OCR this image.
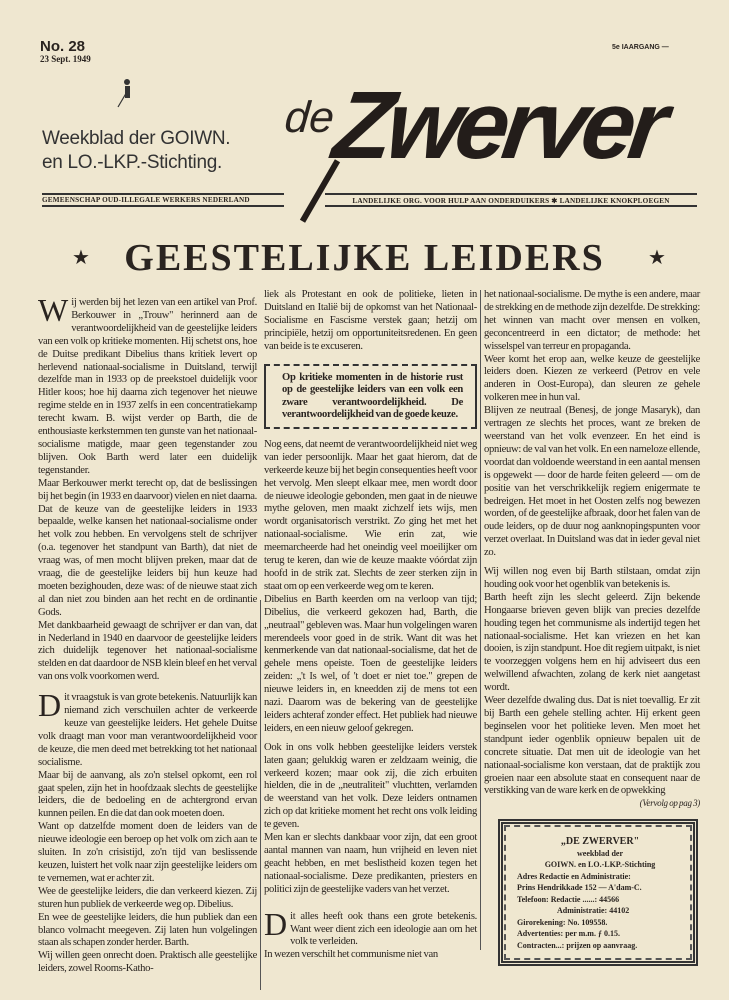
No. 28
23 Sept. 1949
5e IAARGANG —
Weekblad der GOIWN.
en LO.-LKP.-Stichting.
GEMEENSCHAP OUD-ILLEGALE WERKERS NEDERLAND	LANDELIJKE ORG. VOOR HULP AAN ONDERDUIKERS ✱ LANDELIJKE KNOKPLOEGEN
de
Zwerver
★	★
GEESTELIJKE LEIDERS

Wij werden bij het lezen van een artikel van Prof. Berkouwer in „Trouw" herinnerd aan de verantwoordelijkheid van de geestelijke leiders van een volk op kritieke momenten. Hij schetst ons, hoe de Duitse predikant Dibelius thans kritiek levert op herlevend nationaal-socialisme in Duitsland, terwijl dezelfde man in 1933 op de preekstoel duidelijk voor Hitler koos; hoe hij daarna zich tegenover het nieuwe regime stelde en in 1937 zelfs in een concentratiekamp terecht kwam. B. wijst verder op Barth, die de enthousiaste kerkstemmen ten gunste van het nationaal-socialisme matigde, maar geen tegenstander zou blijven. Ook Barth werd later een duidelijk tegenstander.

Maar Berkouwer merkt terecht op, dat de beslissingen bij het begin (in 1933 en daarvoor) vielen en niet daarna. Dat de keuze van de geestelijke leiders in 1933 bepaalde, welke kansen het nationaal-socialisme onder het volk zou hebben. En vervolgens stelt de schrijver (o.a. tegenover het standpunt van Barth), dat niet de vraag was, of men mocht blijven preken, maar dat de vraag, die de geestelijke leiders bij hun keuze had moeten bezighouden, deze was: of de nieuwe staat zich al dan niet zou binden aan het recht en de ordinantie Gods.

Met dankbaarheid gewaagt de schrijver er dan van, dat in Nederland in 1940 en daarvoor de geestelijke leiders zich duidelijk tegenover het nationaal-socialisme stelden en dat daardoor de NSB klein bleef en het verval van ons volk voorkomen werd.

Dit vraagstuk is van grote betekenis. Natuurlijk kan niemand zich verschuilen achter de verkeerde keuze van geestelijke leiders. Het gehele Duitse volk draagt man voor man verantwoordelijkheid voor de keuze, die men deed met betrekking tot het nationaal socialisme.

Maar bij de aanvang, als zo'n stelsel opkomt, een rol gaat spelen, zijn het in hoofdzaak slechts de geestelijke leiders, die de bedoeling en de achtergrond ervan kunnen peilen. En die dat dan ook moeten doen.

Want op datzelfde moment doen de leiders van de nieuwe ideologie een beroep op het volk om zich aan te sluiten. In zo'n crisistijd, zo'n tijd van beslissende keuzen, luistert het volk naar zijn geestelijke leiders om te vernemen, wat er achter zit.

Wee de geestelijke leiders, die dan verkeerd kiezen. Zij sturen hun publiek de verkeerde weg op. Dibelius.

En wee de geestelijke leiders, die hun publiek dan een blanco volmacht meegeven. Zij laten hun volgelingen staan als schapen zonder herder. Barth.

Wij willen geen onrecht doen. Praktisch alle geestelijke leiders, zowel Rooms-Katho-

liek als Protestant en ook de politieke, lieten in Duitsland en Italië bij de opkomst van het Nationaal-Socialisme en Fascisme verstek gaan; hetzij om principiële, hetzij om opportuniteitsredenen. En geen van beide is te excuseren.

Op kritieke momenten in de historie rust op de geestelijke leiders van een volk een zware verantwoordelijkheid. De verantwoordelijkheid van de goede keuze.

Nog eens, dat neemt de verantwoordelijkheid niet weg van ieder persoonlijk. Maar het gaat hierom, dat de verkeerde keuze bij het begin consequenties heeft voor het vervolg. Men sleept elkaar mee, men wordt door de nieuwe ideologie gebonden, men gaat in de nieuwe mythe geloven, men maakt zichzelf iets wijs, men wordt organisatorisch verstrikt. Zo ging het met het nationaal-socialisme. Wie erin zat, wie meemarcheerde had het oneindig veel moeilijker om terug te keren, dan wie de keuze maakte vóórdat zijn hoofd in de strik zat. Slechts de zeer sterken zijn in staat om op een verkeerde weg om te keren.

Dibelius en Barth keerden om na verloop van tijd; Dibelius, die verkeerd gekozen had, Barth, die „neutraal" gebleven was. Maar hun volgelingen waren merendeels voor goed in de strik. Want dit was het kenmerkende van dat nationaal-socialisme, dat het de gehele mens opeiste. Toen de geestelijke leiders zeiden: „'t Is wel, of 't doet er niet toe." grepen de nieuwe leiders in, en kneedden zij de mens tot een nazi. Daarom was de bekering van de geestelijke leiders achteraf zonder effect. Het publiek had nieuwe leiders, en een nieuw geloof gekregen.

Ook in ons volk hebben geestelijke leiders verstek laten gaan; gelukkig waren er zeldzaam weinig, die verkeerd kozen; maar ook zij, die zich erbuiten hielden, die in de „neutraliteit" vluchtten, verlamden de weerstand van het volk. Deze leiders ontnamen zich op dat kritieke moment het recht ons volk leiding te geven.

Men kan er slechts dankbaar voor zijn, dat een groot aantal mannen van naam, hun vrijheid en leven niet geacht hebben, en met beslistheid kozen tegen het nationaal-socialisme. Deze predikanten, priesters en politici zijn de geestelijke vaders van het verzet.

Dit alles heeft ook thans een grote betekenis. Want weer dient zich een ideologie aan om het volk te verleiden.

In wezen verschilt het communisme niet van

het nationaal-socialisme. De mythe is een andere, maar de strekking en de methode zijn dezelfde. De strekking: het winnen van macht over mensen en volken, geconcentreerd in een dictator; de methode: het wisselspel van terreur en propaganda.

Weer komt het erop aan, welke keuze de geestelijke leiders doen. Kiezen ze verkeerd (Petrov en vele anderen in Oost-Europa), dan sleuren ze gehele volkeren mee in hun val.

Blijven ze neutraal (Benesj, de jonge Masaryk), dan vertragen ze slechts het proces, want ze breken de weerstand van het volk evenzeer. En het eind is opnieuw: de val van het volk. En een nameloze ellende, voordat dan voldoende weerstand in een aantal mensen is opgewekt — door de harde feiten geleerd — om de positie van het verschrikkelijk regiem enigermate te bedreigen. Het moet in het Oosten zelfs nog bewezen worden, of de geestelijke afbraak, door het falen van de oude leiders, op de duur nog aanknopingspunten voor verzet overlaat. In Duitsland was dat in ieder geval niet zo.

Wij willen nog even bij Barth stilstaan, omdat zijn houding ook voor het ogenblik van betekenis is.

Barth heeft zijn les slecht geleerd. Zijn bekende Hongaarse brieven geven blijk van precies dezelfde houding tegen het communisme als indertijd tegen het nationaal-socialisme. Het kan vriezen en het kan dooien, is zijn standpunt. Hoe dit regiem uitpakt, is niet te voorzeggen volgens hem en hij adviseert dus een welwillend afwachten, zolang de kerk niet aangetast wordt.

Weer dezelfde dwaling dus. Dat is niet toevallig. Er zit bij Barth een gehele stelling achter. Hij erkent geen beginselen voor het politieke leven. Men moet het standpunt ieder ogenblik opnieuw bepalen uit de concrete situatie. Dat men uit de ideologie van het nationaal-socialisme kon verstaan, dat de praktijk zou groeien naar een absolute staat en consequent naar de verstikking van de ware kerk en de opwekking

(Vervolg op pag 3)
„DE ZWERVER"
weekblad der
GOIWN. en LO.-LKP.-Stichting
Adres Redactie en Administratie:
Prins Hendrikkade 152 — A'dam-C.
Telefoon: Redactie ......: 44566
Administratie: 44102
Girorekening: No. 109558.
Advertenties: per m.m. ƒ 0.15.
Contracten...: prijzen op aanvraag.
